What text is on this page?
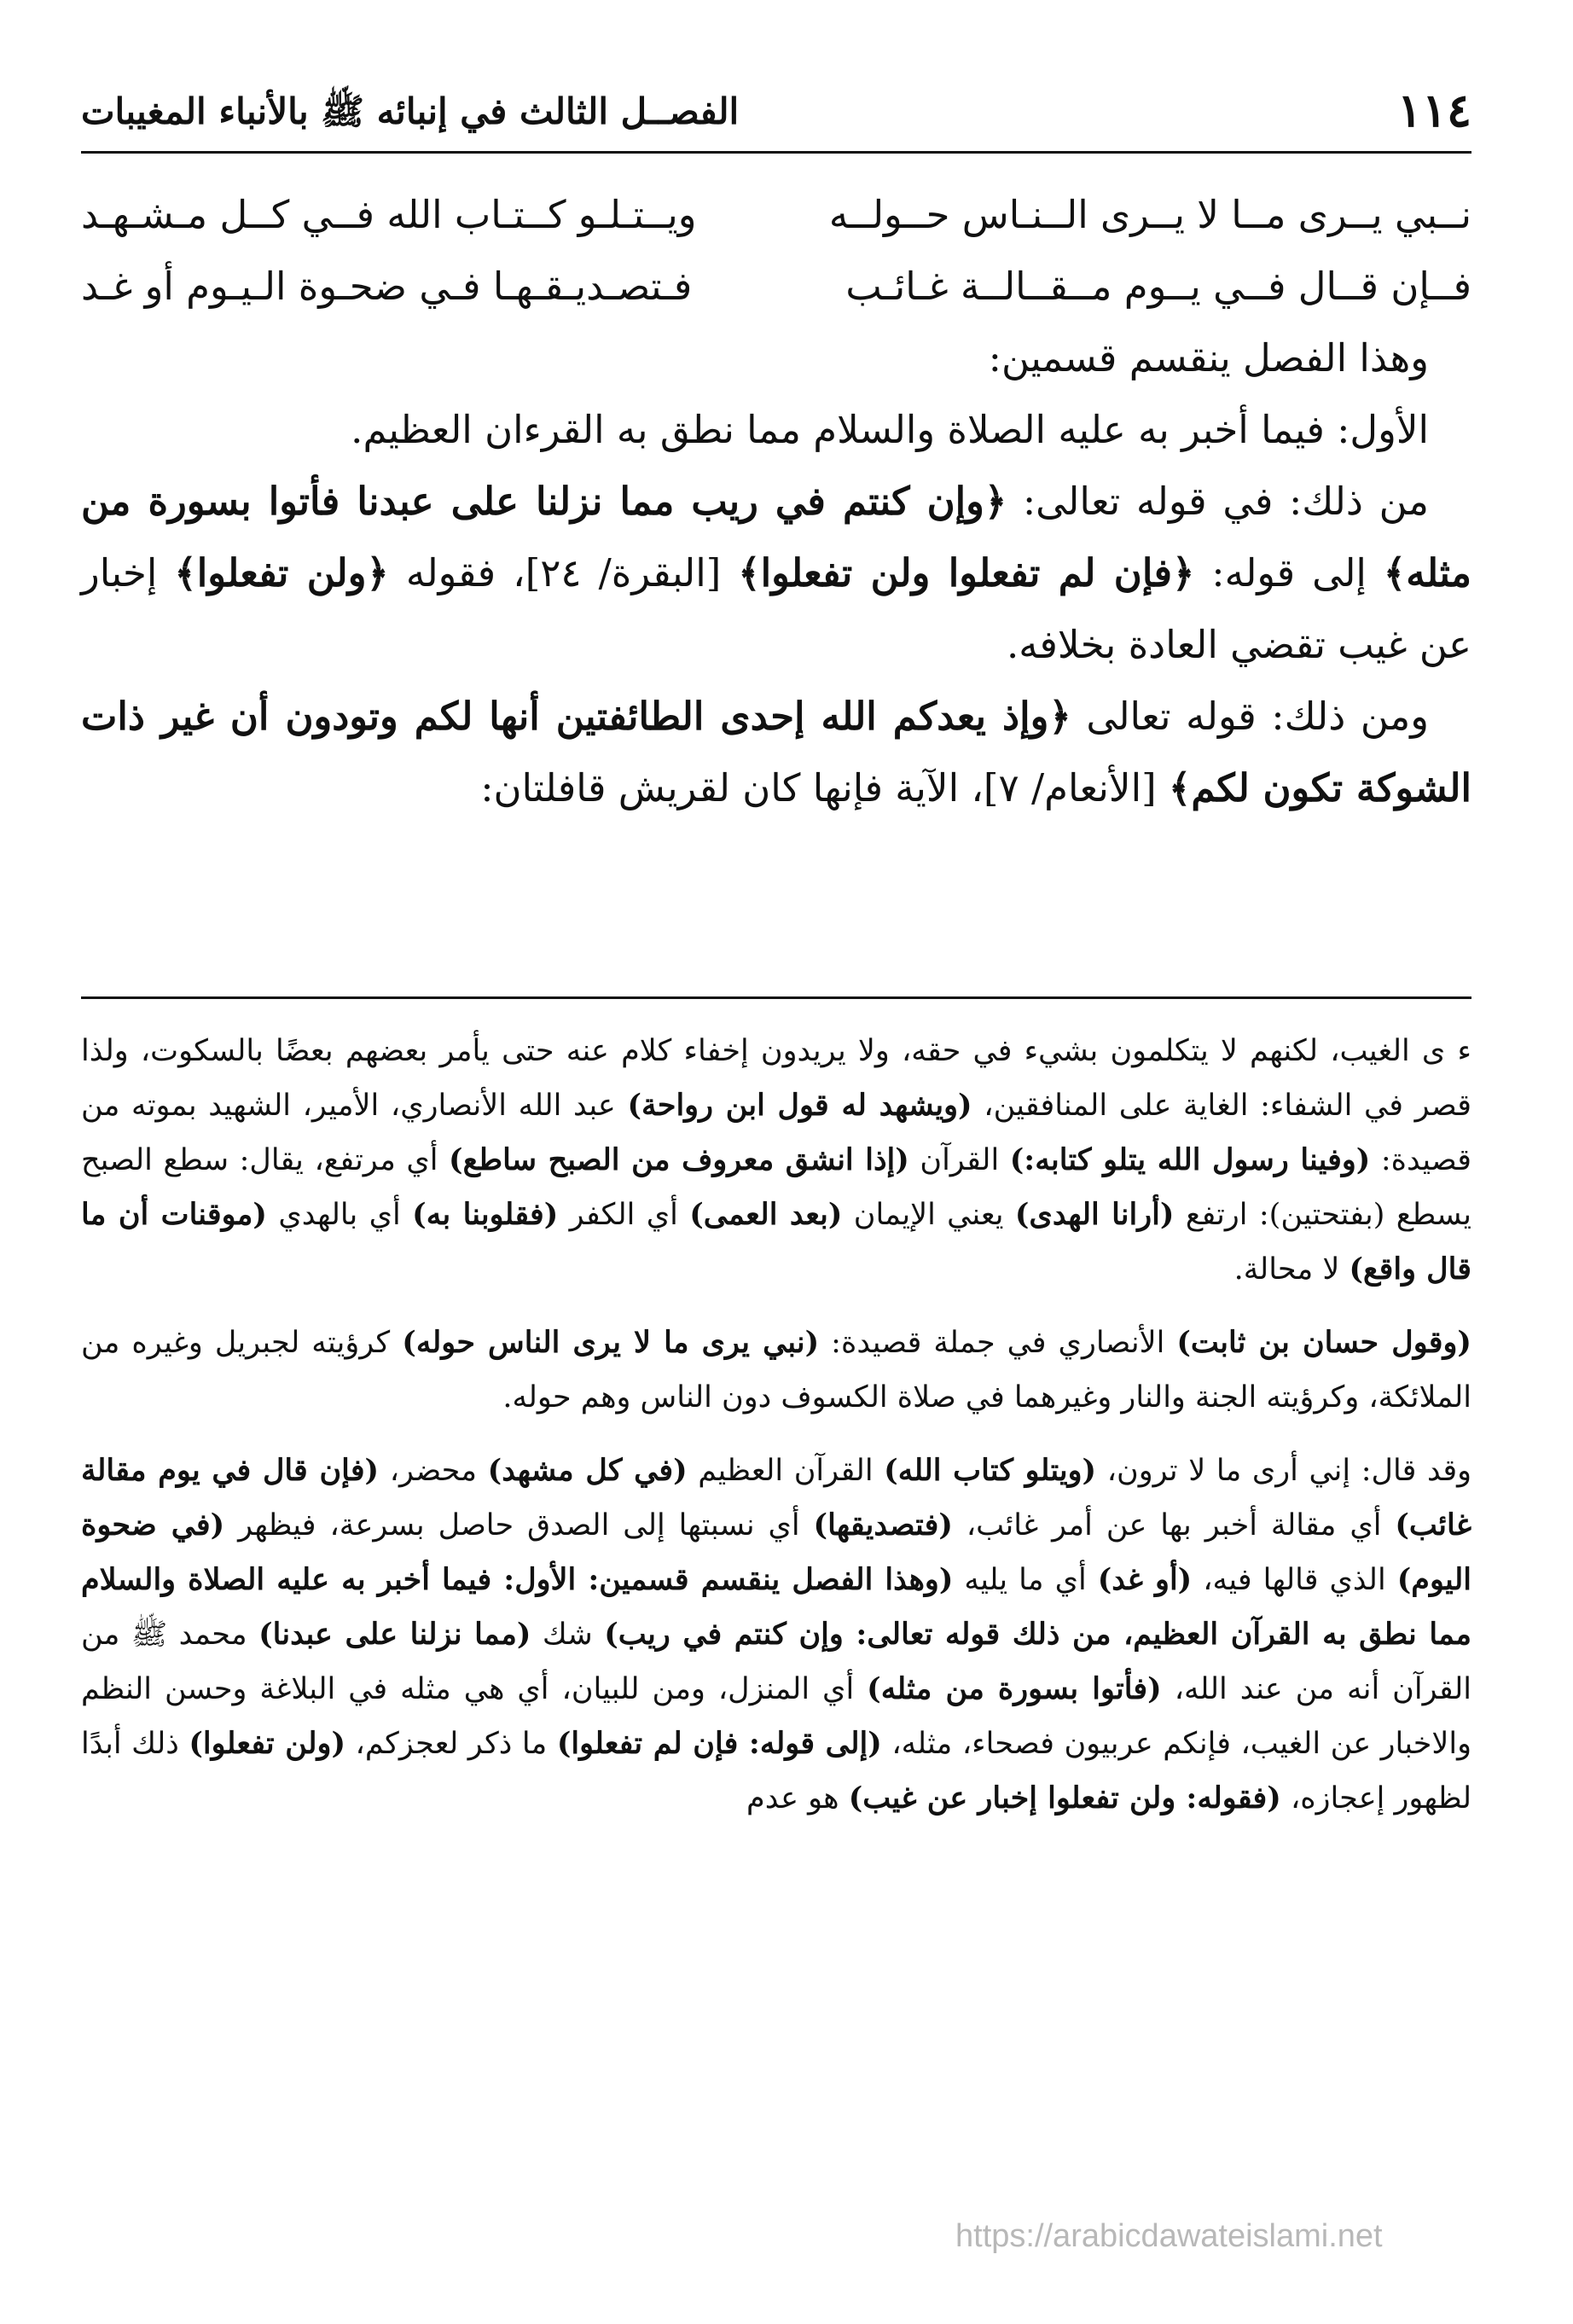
١١٤
الفصــل الثالث في إنبائه ﷺ بالأنباء المغيبات
نــبي يــرى مــا لا يــرى الــنـاس حــولــه
ويــتـلـو كــتـاب الله فــي كــل مـشـهـد
فــإن قــال فــي يــوم مــقــالــة غـائـب
فـتصـديـقـهـا فـي ضحـوة الـيـوم أو غـد

وهذا الفصل ينقسم قسمين:

الأول: فيما أخبر به عليه الصلاة والسلام مما نطق به القرءان العظيم.

من ذلك: في قوله تعالى: ﴿وإن كنتم في ريب مما نزلنا على عبدنا فأتوا بسورة من مثله﴾ إلى قوله: ﴿فإن لم تفعلوا ولن تفعلوا﴾ [البقرة/ ٢٤]، فقوله ﴿ولن تفعلوا﴾ إخبار عن غيب تقضي العادة بخلافه.

ومن ذلك: قوله تعالى ﴿وإذ يعدكم الله إحدى الطائفتين أنها لكم وتودون أن غير ذات الشوكة تكون لكم﴾ [الأنعام/ ٧]، الآية فإنها كان لقريش قافلتان:

ء ى الغيب، لكنهم لا يتكلمون بشيء في حقه، ولا يريدون إخفاء كلام عنه حتى يأمر بعضهم بعضًا بالسكوت، ولذا قصر في الشفاء: الغاية على المنافقين، (ويشهد له قول ابن رواحة) عبد الله الأنصاري، الأمير، الشهيد بموته من قصيدة: (وفينا رسول الله يتلو كتابه:) القرآن (إذا انشق معروف من الصبح ساطع) أي مرتفع، يقال: سطع الصبح يسطع (بفتحتين): ارتفع (أرانا الهدى) يعني الإيمان (بعد العمى) أي الكفر (فقلوبنا به) أي بالهدي (موقنات أن ما قال واقع) لا محالة.

(وقول حسان بن ثابت) الأنصاري في جملة قصيدة: (نبي يرى ما لا يرى الناس حوله) كرؤيته لجبريل وغيره من الملائكة، وكرؤيته الجنة والنار وغيرهما في صلاة الكسوف دون الناس وهم حوله.

وقد قال: إني أرى ما لا ترون، (ويتلو كتاب الله) القرآن العظيم (في كل مشهد) محضر، (فإن قال في يوم مقالة غائب) أي مقالة أخبر بها عن أمر غائب، (فتصديقها) أي نسبتها إلى الصدق حاصل بسرعة، فيظهر (في ضحوة اليوم) الذي قالها فيه، (أو غد) أي ما يليه (وهذا الفصل ينقسم قسمين: الأول: فيما أخبر به عليه الصلاة والسلام مما نطق به القرآن العظيم، من ذلك قوله تعالى: وإن كنتم في ريب) شك (مما نزلنا على عبدنا) محمد ﷺ من القرآن أنه من عند الله، (فأتوا بسورة من مثله) أي المنزل، ومن للبيان، أي هي مثله في البلاغة وحسن النظم والاخبار عن الغيب، فإنكم عربيون فصحاء، مثله، (إلى قوله: فإن لم تفعلوا) ما ذكر لعجزكم، (ولن تفعلوا) ذلك أبدًا لظهور إعجازه، (فقوله: ولن تفعلوا إخبار عن غيب) هو عدم

https://arabicdawateislami.net
